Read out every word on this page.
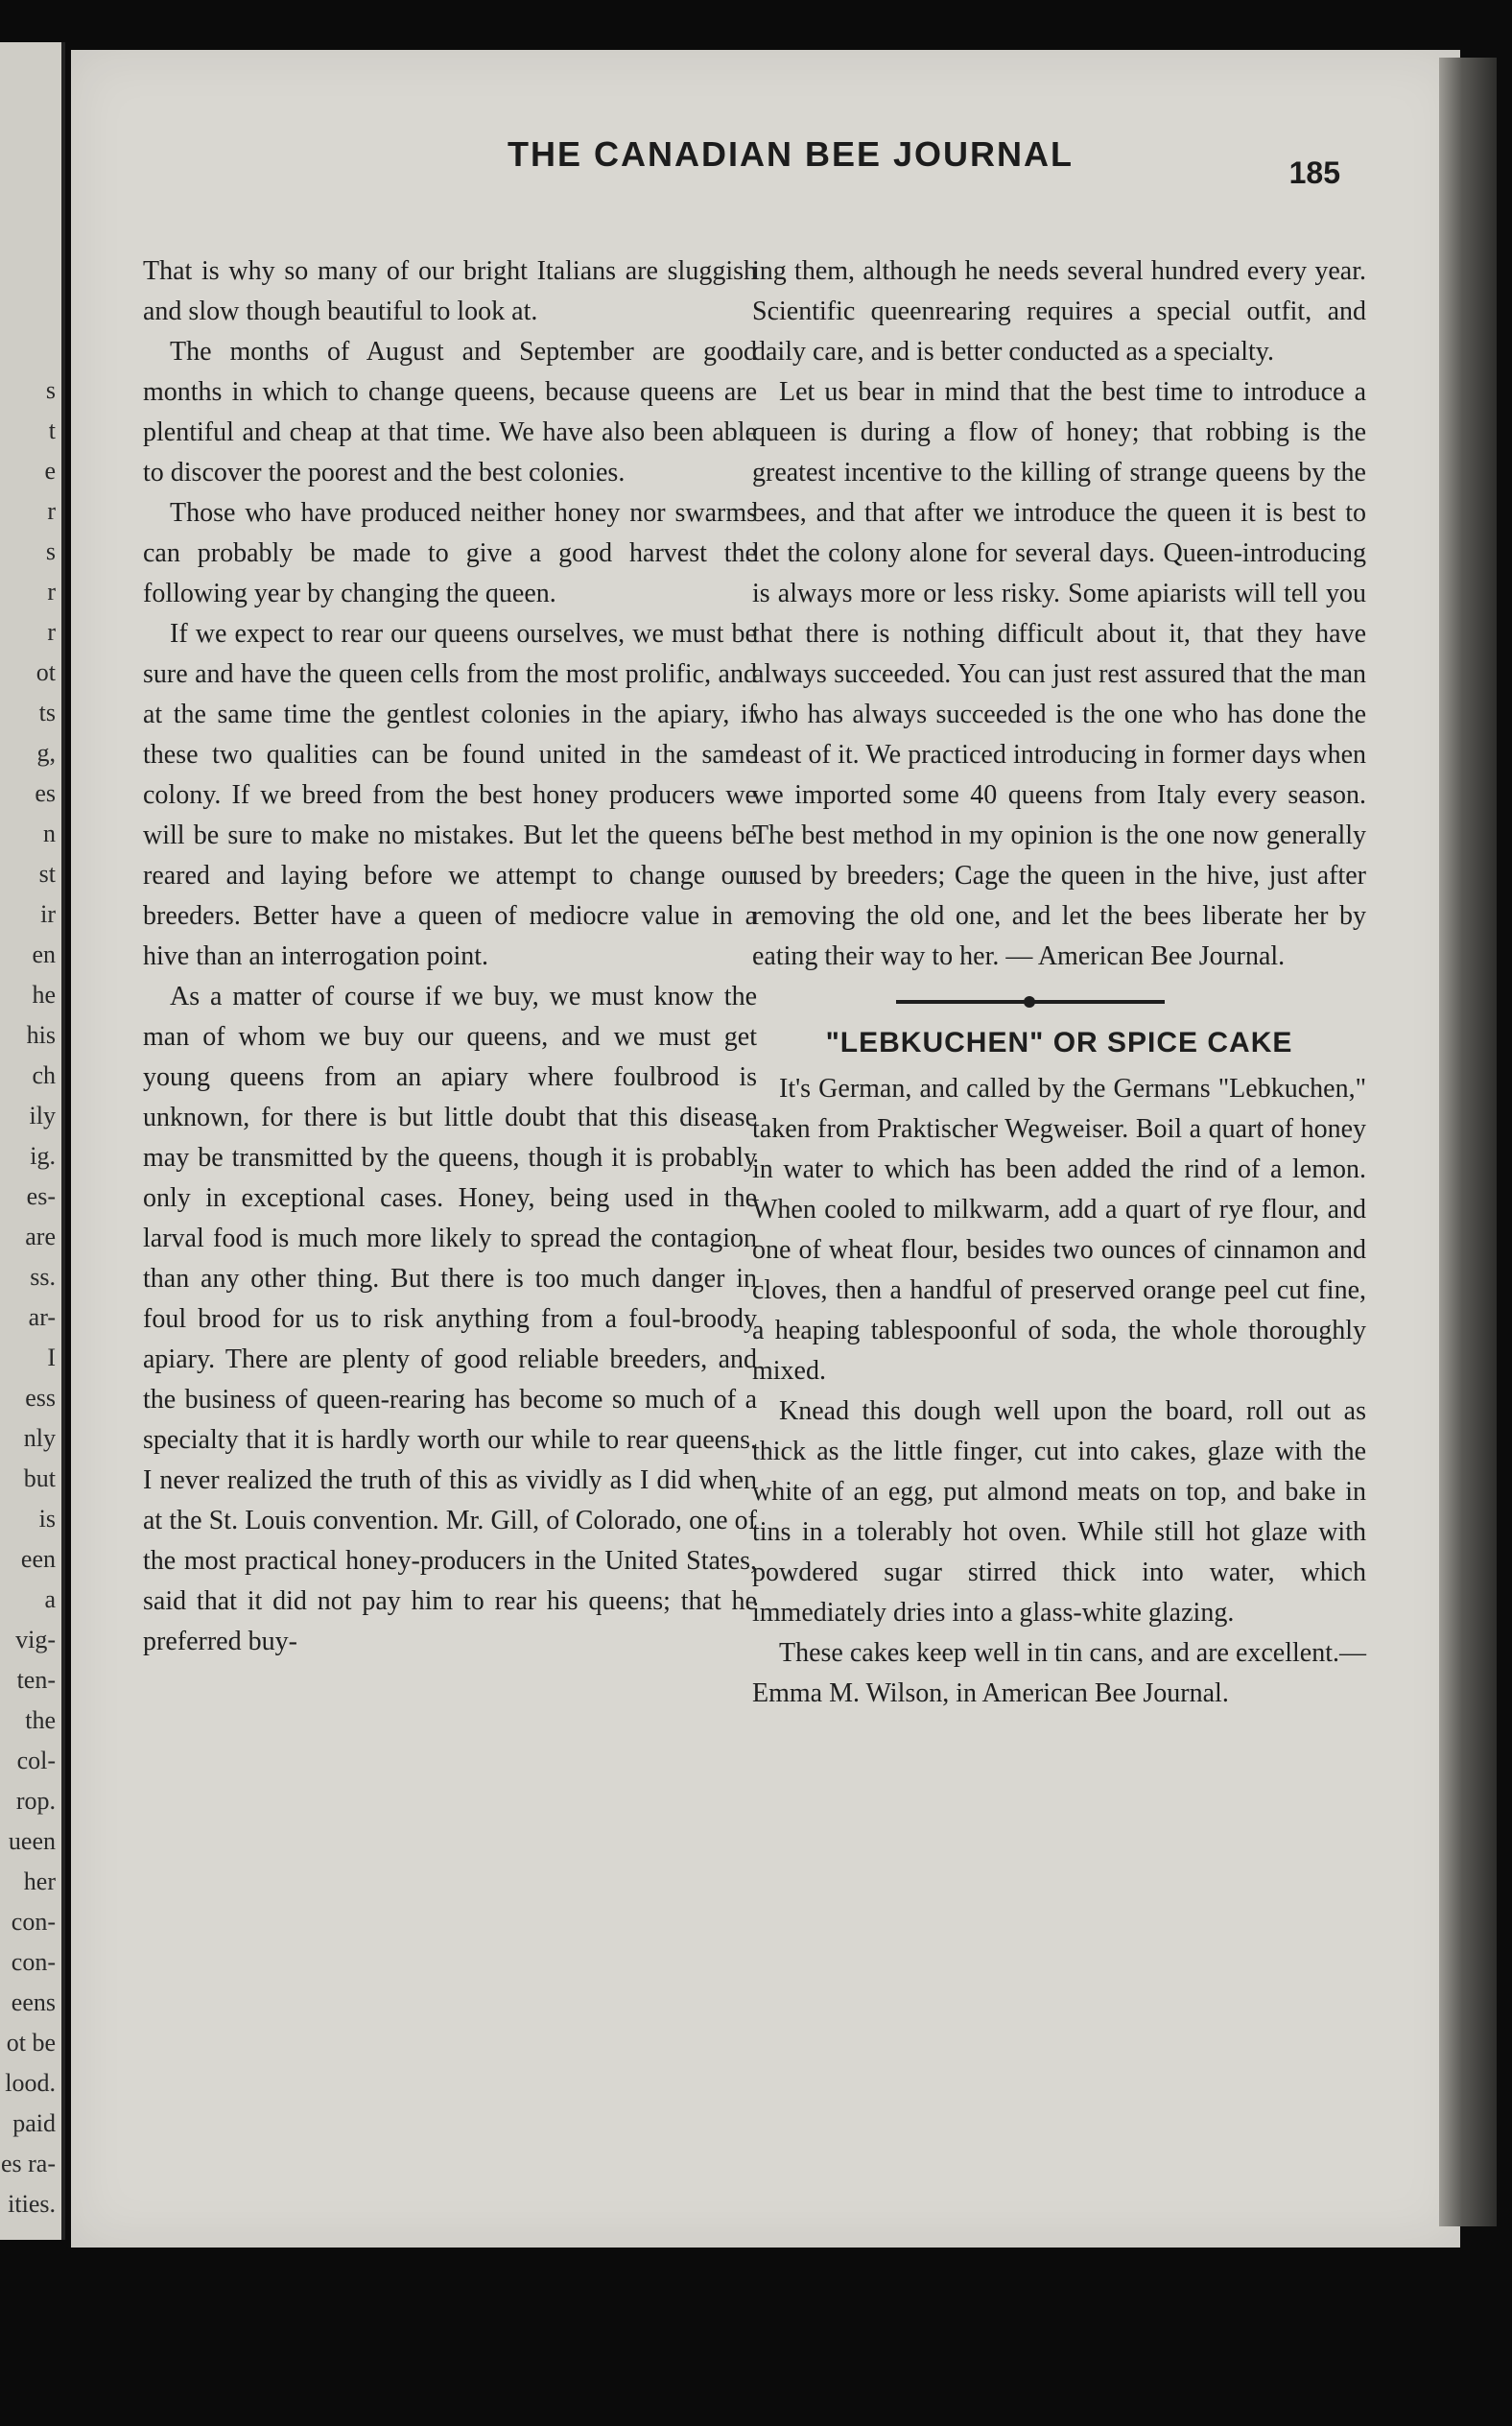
s
t
e
r
s
r
r
ot
ts
g,
es
n
st
ir
en
he
his
ch
ily
ig.
es-
are
ss.
ar-
I
ess
nly
but
is
een
a
vig-
ten-
the
col-
rop.
ueen
her
con-
con-
eens
ot be
lood.
paid
es ra-
ities.
THE CANADIAN BEE JOURNAL	185

That is why so many of our bright Italians are sluggish and slow though beautiful to look at.

The months of August and September are good months in which to change queens, because queens are plentiful and cheap at that time. We have also been able to discover the poorest and the best colonies.

Those who have produced neither honey nor swarms can probably be made to give a good harvest the following year by changing the queen.

If we expect to rear our queens ourselves, we must be sure and have the queen cells from the most prolific, and at the same time the gentlest colonies in the apiary, if these two qualities can be found united in the same colony. If we breed from the best honey producers we will be sure to make no mistakes. But let the queens be reared and laying before we attempt to change our breeders. Better have a queen of mediocre value in a hive than an interrogation point.

As a matter of course if we buy, we must know the man of whom we buy our queens, and we must get young queens from an apiary where foulbrood is unknown, for there is but little doubt that this disease may be transmitted by the queens, though it is probably only in exceptional cases. Honey, being used in the larval food is much more likely to spread the contagion than any other thing. But there is too much danger in foul brood for us to risk anything from a foul-broody apiary. There are plenty of good reliable breeders, and the business of queen-rearing has become so much of a specialty that it is hardly worth our while to rear queens. I never realized the truth of this as vividly as I did when at the St. Louis convention. Mr. Gill, of Colorado, one of the most practical honey-producers in the United States, said that it did not pay him to rear his queens; that he preferred buy-

ing them, although he needs several hundred every year. Scientific queenrearing requires a special outfit, and daily care, and is better conducted as a specialty.

Let us bear in mind that the best time to introduce a queen is during a flow of honey; that robbing is the greatest incentive to the killing of strange queens by the bees, and that after we introduce the queen it is best to let the colony alone for several days. Queen-introducing is always more or less risky. Some apiarists will tell you that there is nothing difficult about it, that they have always succeeded. You can just rest assured that the man who has always succeeded is the one who has done the least of it. We practiced introducing in former days when we imported some 40 queens from Italy every season. The best method in my opinion is the one now generally used by breeders; Cage the queen in the hive, just after removing the old one, and let the bees liberate her by eating their way to her. — American Bee Journal.

"LEBKUCHEN" OR SPICE CAKE

It's German, and called by the Germans "Lebkuchen," taken from Praktischer Wegweiser. Boil a quart of honey in water to which has been added the rind of a lemon. When cooled to milkwarm, add a quart of rye flour, and one of wheat flour, besides two ounces of cinnamon and cloves, then a handful of preserved orange peel cut fine, a heaping tablespoonful of soda, the whole thoroughly mixed.

Knead this dough well upon the board, roll out as thick as the little finger, cut into cakes, glaze with the white of an egg, put almond meats on top, and bake in tins in a tolerably hot oven. While still hot glaze with powdered sugar stirred thick into water, which immediately dries into a glass-white glazing.

These cakes keep well in tin cans, and are excellent.—Emma M. Wilson, in American Bee Journal.
